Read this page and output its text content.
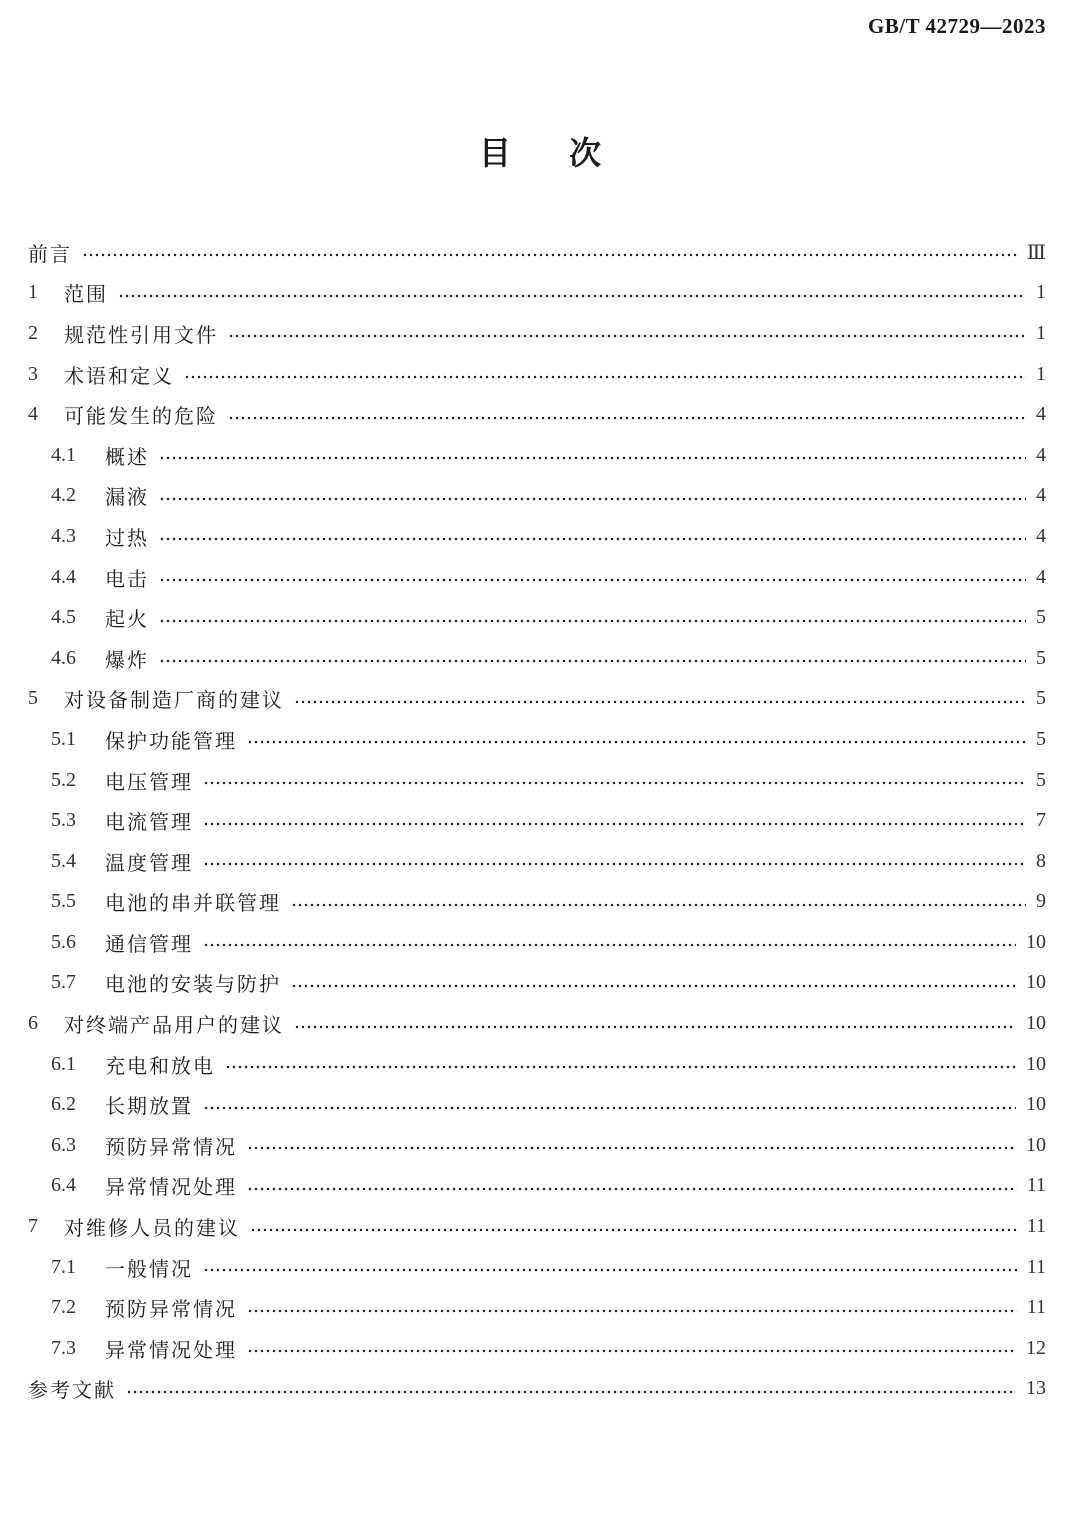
GB/T 42729—2023
目次
前言	Ⅲ
1	范围	1
2	规范性引用文件	1
3	术语和定义	1
4	可能发生的危险	4
4.1	概述	4
4.2	漏液	4
4.3	过热	4
4.4	电击	4
4.5	起火	5
4.6	爆炸	5
5	对设备制造厂商的建议	5
5.1	保护功能管理	5
5.2	电压管理	5
5.3	电流管理	7
5.4	温度管理	8
5.5	电池的串并联管理	9
5.6	通信管理	10
5.7	电池的安装与防护	10
6	对终端产品用户的建议	10
6.1	充电和放电	10
6.2	长期放置	10
6.3	预防异常情况	10
6.4	异常情况处理	11
7	对维修人员的建议	11
7.1	一般情况	11
7.2	预防异常情况	11
7.3	异常情况处理	12
参考文献	13
